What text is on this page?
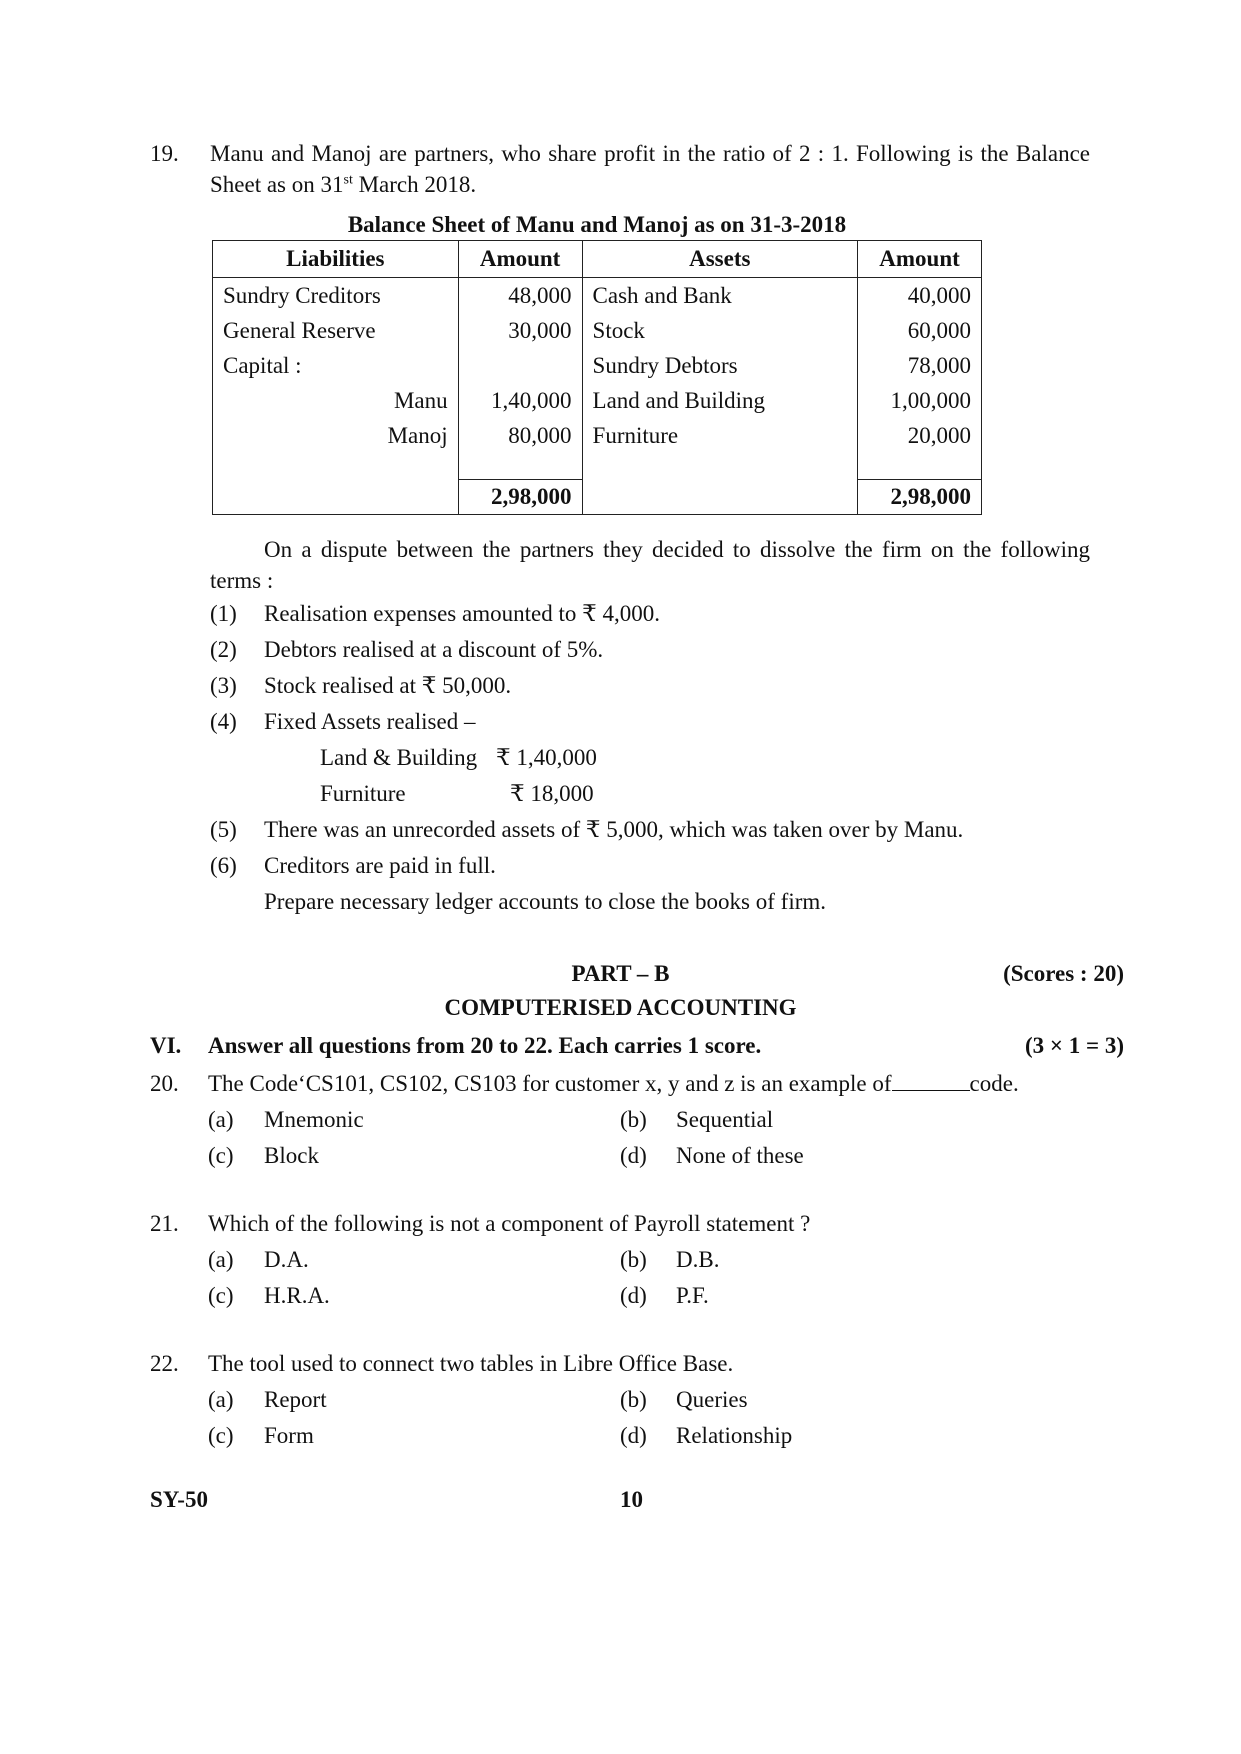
19. Manu and Manoj are partners, who share profit in the ratio of 2 : 1. Following is the Balance Sheet as on 31st March 2018.
Balance Sheet of Manu and Manoj as on 31-3-2018
Liabilities	Amount	Assets	Amount
Sundry Creditors	48,000	Cash and Bank	40,000
General Reserve	30,000	Stock	60,000
Capital :		Sundry Debtors	78,000
Manu	1,40,000	Land and Building	1,00,000
Manoj	80,000	Furniture	20,000

	2,98,000		2,98,000
On a dispute between the partners they decided to dissolve the firm on the following terms :
(1) Realisation expenses amounted to ₹ 4,000.
(2) Debtors realised at a discount of 5%.
(3) Stock realised at ₹ 50,000.
(4) Fixed Assets realised –
Land & Building ₹ 1,40,000
Furniture	₹ 18,000
(5) There was an unrecorded assets of ₹ 5,000, which was taken over by Manu.
(6) Creditors are paid in full.
Prepare necessary ledger accounts to close the books of firm.
PART – B	(Scores : 20)
COMPUTERISED ACCOUNTING
VI. Answer all questions from 20 to 22. Each carries 1 score.	(3 × 1 = 3)
20. The Code‘CS101, CS102, CS103 for customer x, y and z is an example of	code.
(a) Mnemonic	(b) Sequential
(c) Block	(d) None of these
21. Which of the following is not a component of Payroll statement ?
(a) D.A.	(b) D.B.
(c) H.R.A.	(d) P.F.
22. The tool used to connect two tables in Libre Office Base.
(a) Report	(b) Queries
(c) Form	(d) Relationship
SY-50	10
